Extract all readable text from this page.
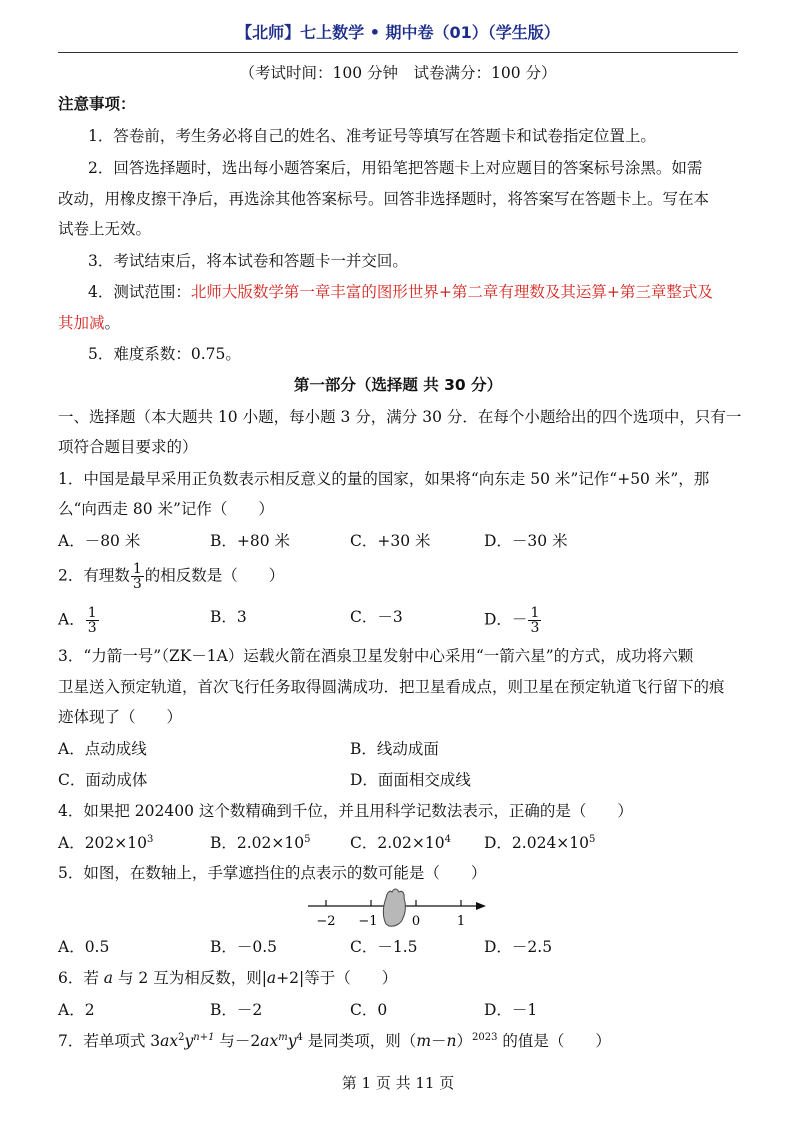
【北师】七上数学 • 期中卷（01）（学生版）
（考试时间：100 分钟　试卷满分：100 分）
注意事项：
1．答卷前，考生务必将自己的姓名、准考证号等填写在答题卡和试卷指定位置上。
2．回答选择题时，选出每小题答案后，用铅笔把答题卡上对应题目的答案标号涂黑。如需
改动，用橡皮擦干净后，再选涂其他答案标号。回答非选择题时，将答案写在答题卡上。写在本
试卷上无效。
3．考试结束后，将本试卷和答题卡一并交回。
4．测试范围：北师大版数学第一章丰富的图形世界+第二章有理数及其运算+第三章整式及
其加减。
5．难度系数：0.75。
第一部分（选择题 共 30 分）
一、选择题（本大题共 10 小题，每小题 3 分，满分 30 分．在每个小题给出的四个选项中，只有一
项符合题目要求的）
1．中国是最早采用正负数表示相反意义的量的国家，如果将“向东走 50 米”记作“+50 米”，那
么“向西走 80 米”记作（　　）
A．－80 米	B．+80 米	C．+30 米	D．－30 米
2．有理数 $\frac{1}{3}$ 的相反数是（　　）
A． $\frac{1}{3}$	B．3	C．－3	D．－ $\frac{1}{3}$
3．“力箭一号”（ZK－1A）运载火箭在酒泉卫星发射中心采用“一箭六星”的方式，成功将六颗
卫星送入预定轨道，首次飞行任务取得圆满成功．把卫星看成点，则卫星在预定轨道飞行留下的痕
迹体现了（　　）
A．点动成线	B．线动成面
C．面动成体	D．面面相交成线
4．如果把 202400 这个数精确到千位，并且用科学记数法表示，正确的是（　　）
A．$202\times 10^3$	B．$2.02\times 10^5$	C．$2.02\times 10^4$ D．$2.024\times 10^5$
5．如图，在数轴上，手掌遮挡住的点表示的数可能是（　　）
−2 −1	0	1
A．0.5	B．－0.5	C．－1.5	D．－2.5
6．若 a 与 2 互为相反数，则|a+2|等于（　　）
A．2	B．－2	C．0	D．－1
7．若单项式 $3ax^2y^{n+1}$ 与$-2ax^my^4$ 是同类项，则$(m-n)^{2023}$ 的值是（　　）
第 1 页 共 11 页
